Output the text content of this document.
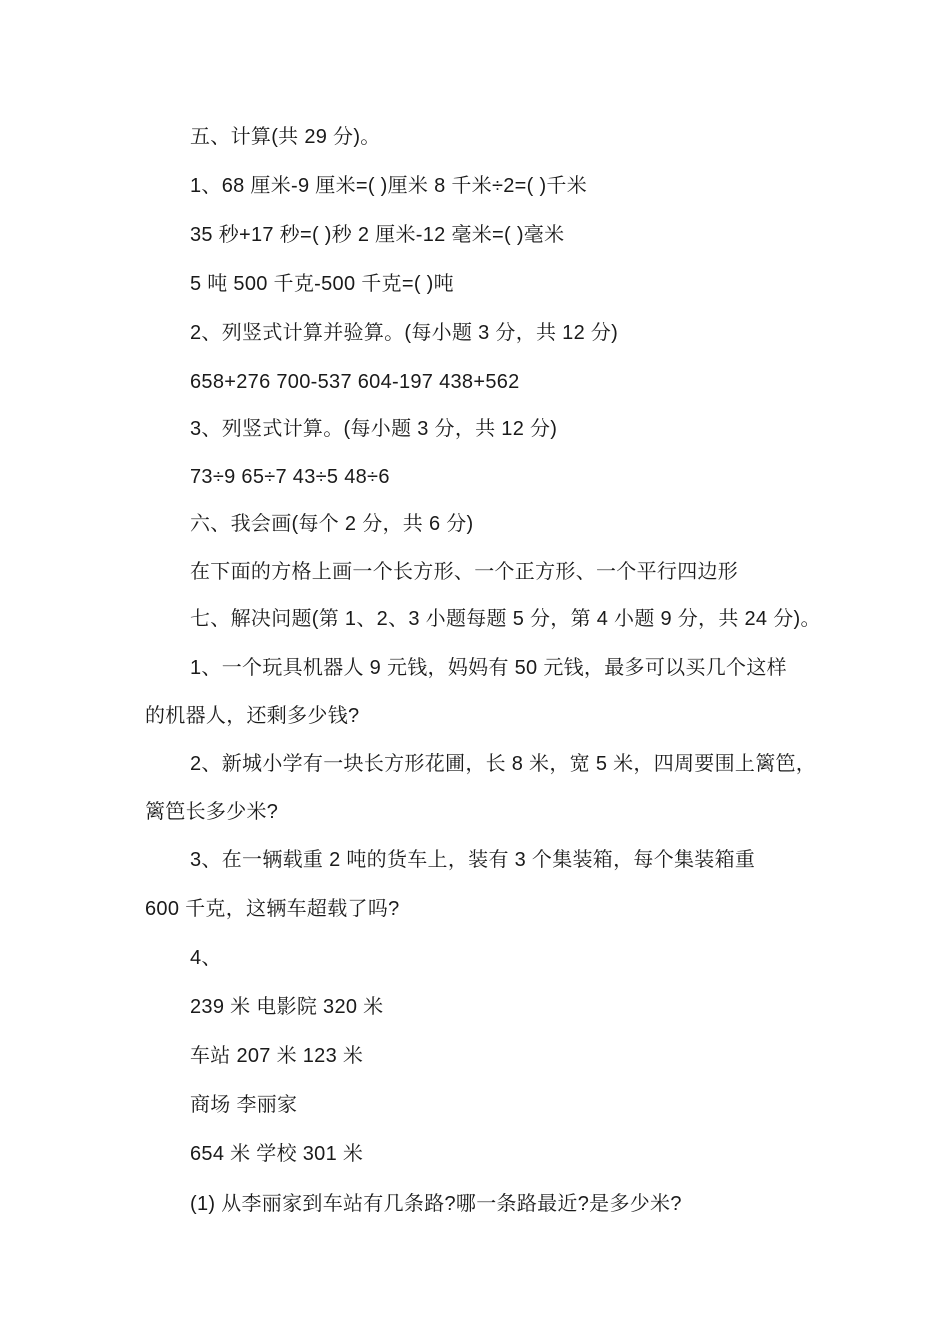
五、计算(共 29 分)。
1、68 厘米-9 厘米=( )厘米 8 千米÷2=( )千米
35 秒+17 秒=( )秒 2 厘米-12 毫米=( )毫米
5 吨 500 千克-500 千克=( )吨
2、列竖式计算并验算。(每小题 3 分，共 12 分)
658+276 700-537 604-197 438+562
3、列竖式计算。(每小题 3 分，共 12 分)
73÷9 65÷7 43÷5 48÷6
六、我会画(每个 2 分，共 6 分)
在下面的方格上画一个长方形、一个正方形、一个平行四边形
七、解决问题(第 1、2、3 小题每题 5 分，第 4 小题 9 分，共 24 分)。
1、一个玩具机器人 9 元钱，妈妈有 50 元钱，最多可以买几个这样
的机器人，还剩多少钱?
2、新城小学有一块长方形花圃，长 8 米，宽 5 米，四周要围上篱笆，
篱笆长多少米?
3、在一辆载重 2 吨的货车上，装有 3 个集装箱，每个集装箱重
600 千克，这辆车超载了吗?
4、
239 米 电影院 320 米
车站 207 米 123 米
商场 李丽家
654 米 学校 301 米
(1) 从李丽家到车站有几条路?哪一条路最近?是多少米?
